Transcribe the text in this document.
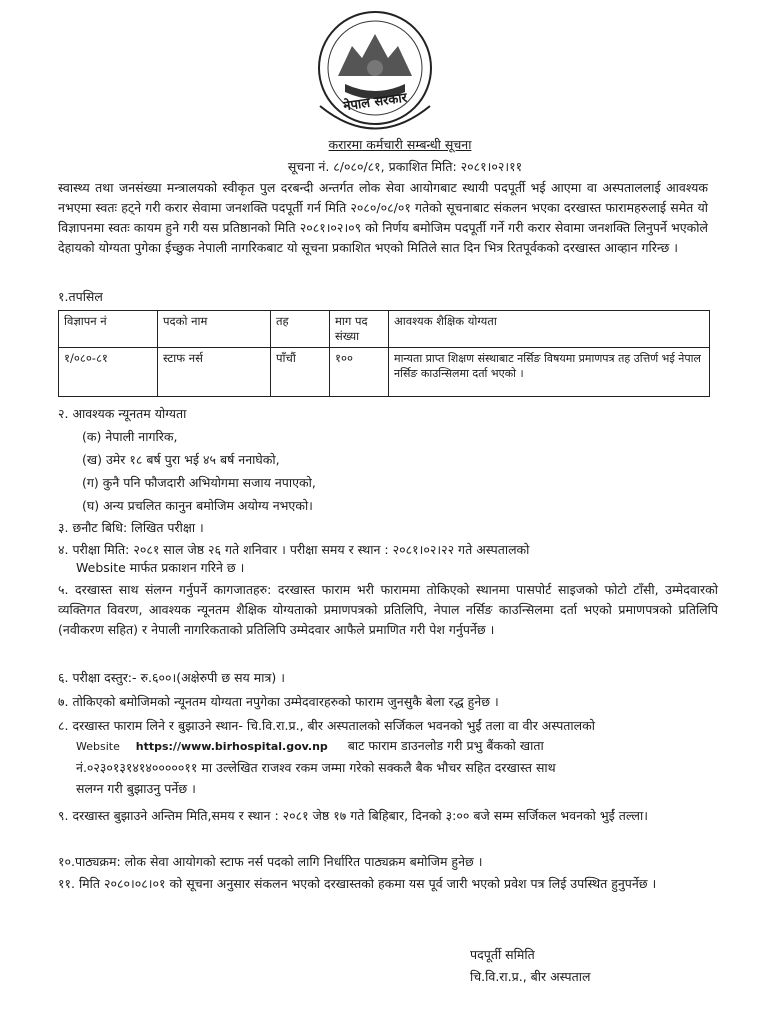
नेपाल सरकार
करारमा कर्मचारी सम्बन्धी सूचना
सूचना नं. ८/०८०/८१, प्रकाशित मिति: २०८१।०२।११
स्वास्थ्य तथा जनसंख्या मन्त्रालयको स्वीकृत पुल दरबन्दी अन्तर्गत लोक सेवा आयोगबाट स्थायी पदपूर्ती भई आएमा वा अस्पताललाई आवश्यक नभएमा स्वतः हट्ने गरी करार सेवामा जनशक्ति पदपूर्ती गर्न मिति २०८०/०८/०१ गतेको सूचनाबाट संकलन भएका दरखास्त फारामहरुलाई समेत यो विज्ञापनमा स्वतः कायम हुने गरी यस प्रतिष्ठानको मिति २०८१।०२।०९ को निर्णय बमोजिम पदपूर्ती गर्ने गरी करार सेवामा जनशक्ति लिनुपर्ने भएकोले देहायको योग्यता पुगेका ईच्छुक नेपाली नागरिकबाट यो सूचना प्रकाशित भएको मितिले सात दिन भित्र रितपूर्वकको दरखास्त आव्हान गरिन्छ ।
१.तपसिल
विज्ञापन नं	पदको नाम	तह	माग पद संख्या	आवश्यक शैक्षिक योग्यता
१/०८०-८१	स्टाफ नर्स	पाँचौं	१००	मान्यता प्राप्त शिक्षण संस्थाबाट नर्सिङ विषयमा प्रमाणपत्र तह उत्तिर्ण भई नेपाल नर्सिङ काउन्सिलमा दर्ता भएको ।
२. आवश्यक न्यूनतम योग्यता
(क) नेपाली नागरिक,
(ख) उमेर १८ बर्ष पुरा भई ४५ बर्ष ननाघेको,
(ग) कुनै पनि फौजदारी अभियोगमा सजाय नपाएको,
(घ) अन्य प्रचलित कानुन बमोजिम अयोग्य नभएको।
३. छनौट बिधि: लिखित परीक्षा ।
४. परीक्षा मिति: २०८१ साल जेष्ठ २६ गते शनिवार । परीक्षा समय र स्थान : २०८१।०२।२२ गते अस्पतालको
Website मार्फत प्रकाशन गरिने छ ।
५. दरखास्त साथ संलग्न गर्नुपर्ने कागजातहरु: दरखास्त फाराम भरी फाराममा तोकिएको स्थानमा पासपोर्ट साइजको फोटो टाँसी, उम्मेदवारको व्यक्तिगत विवरण, आवश्यक न्यूनतम शैक्षिक योग्यताको प्रमाणपत्रको प्रतिलिपि, नेपाल नर्सिङ काउन्सिलमा दर्ता भएको प्रमाणपत्रको प्रतिलिपि (नवीकरण सहित) र नेपाली नागरिकताको प्रतिलिपि उम्मेदवार आफैले प्रमाणित गरी पेश गर्नुपर्नेछ ।
६. परीक्षा दस्तुर:- रु.६००।(अक्षेरुपी छ सय मात्र) ।
७. तोकिएको बमोजिमको न्यूनतम योग्यता नपुगेका उम्मेदवारहरुको फाराम जुनसुकै बेला रद्ध हुनेछ ।
८. दरखास्त फाराम लिने र बुझाउने स्थान- चि.वि.रा.प्र., बीर अस्पतालको सर्जिकल भवनको भुईं तला वा वीर अस्पतालको
Website https://www.birhospital.gov.np बाट फाराम डाउनलोड गरी प्रभु बैंकको खाता
नं.०२३०१३१४१४०००००११ मा उल्लेखित राजश्व रकम जम्मा गरेको सक्कलै बैक भौचर सहित दरखास्त साथ
सलग्न गरी बुझाउनु पर्नेछ ।
९. दरखास्त बुझाउने अन्तिम मिति,समय र स्थान : २०८१ जेष्ठ १७ गते बिहिबार, दिनको ३:०० बजे सम्म सर्जिकल भवनको भुईं तल्ला।
१०.पाठ्यक्रम: लोक सेवा आयोगको स्टाफ नर्स पदको लागि निर्धारित पाठ्यक्रम बमोजिम हुनेछ ।
११. मिति २०८०।०८।०१ को सूचना अनुसार संकलन भएको दरखास्तको हकमा यस पूर्व जारी भएको प्रवेश पत्र लिई उपस्थित हुनुपर्नेछ ।
पदपूर्ती समिति
चि.वि.रा.प्र., बीर अस्पताल
